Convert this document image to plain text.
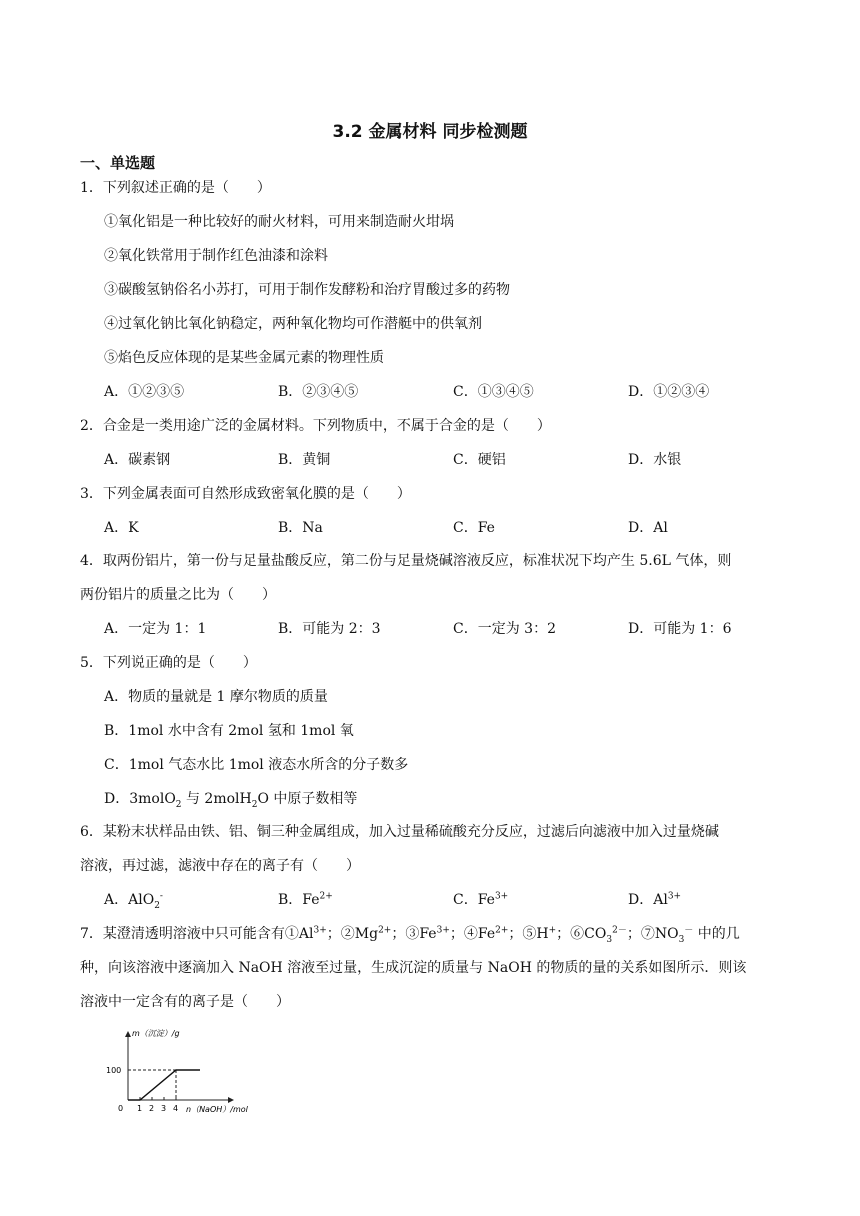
3.2 金属材料 同步检测题
一、单选题
1．下列叙述正确的是（　　）
①氧化铝是一种比较好的耐火材料，可用来制造耐火坩埚
②氧化铁常用于制作红色油漆和涂料
③碳酸氢钠俗名小苏打，可用于制作发酵粉和治疗胃酸过多的药物
④过氧化钠比氧化钠稳定，两种氧化物均可作潜艇中的供氧剂
⑤焰色反应体现的是某些金属元素的物理性质
A．①②③⑤	B．②③④⑤	C．①③④⑤	D．①②③④
2．合金是一类用途广泛的金属材料。下列物质中，不属于合金的是（　　）
A．碳素钢	B．黄铜	C．硬铝	D．水银
3．下列金属表面可自然形成致密氧化膜的是（　　）
A．K	B．Na	C．Fe	D．Al
4．取两份铝片，第一份与足量盐酸反应，第二份与足量烧碱溶液反应，标准状况下均产生 5.6L 气体，则
两份铝片的质量之比为（　　）
A．一定为 1：1	B．可能为 2：3	C．一定为 3：2	D．可能为 1：6
5．下列说正确的是（　　）
A．物质的量就是 1 摩尔物质的质量
B．1mol 水中含有 2mol 氢和 1mol 氧
C．1mol 气态水比 1mol 液态水所含的分子数多
D．3molO$_2$ 与 2molH$_2$O 中原子数相等
6．某粉末状样品由铁、铝、铜三种金属组成，加入过量稀硫酸充分反应，过滤后向滤液中加入过量烧碱
溶液，再过滤，滤液中存在的离子有（　　）
A．AlO$_2$-	B．$Fe^{2+}$	C．$Fe^{3+}$	D．$Al^{3+}$
7．某澄清透明溶液中只可能含有$①Al^{3+}$；$②Mg^{2+}$；$③Fe^{3+}$；$④Fe^{2+}$；⑤H+；$⑥CO_3^{2-}$；$⑦NO_3^-$ 中的几
种，向该溶液中逐滴加入 NaOH 溶液至过量，生成沉淀的质量与 NaOH 的物质的量的关系如图所示．则该
溶液中一定含有的离子是（　　）
m（沉淀）/g
n（NaOH）/mol
0 1 2 3 4
100
